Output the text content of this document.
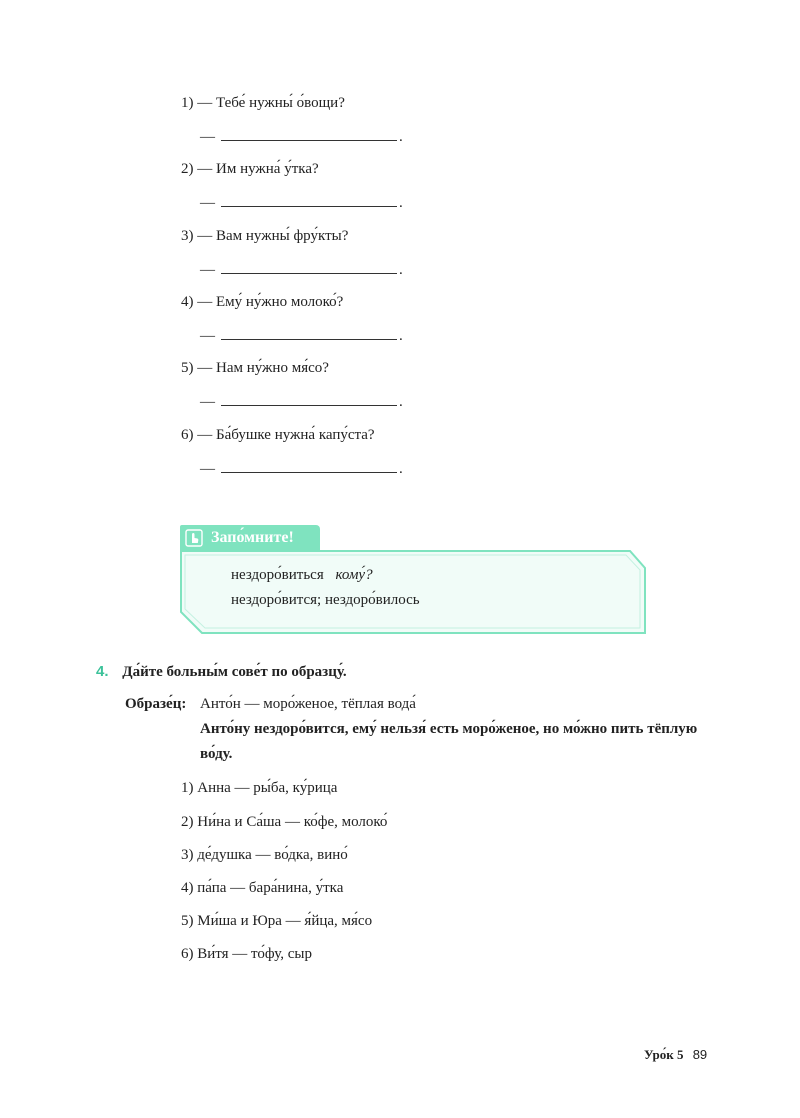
1) — Тебе́ нужны́ о́вощи?
—	.
2) — Им нужна́ у́тка?
—	.
3) — Вам нужны́ фру́кты?
—	.
4) — Ему́ ну́жно молоко́?
—	.
5) — Нам ну́жно мя́со?
—	.
6) — Ба́бушке нужна́ капу́ста?
—	.
Запо́мните!
нездоро́виться кому́?
нездоро́вится; нездоро́вилось
4. Да́йте больны́м сове́т по образцу́.
Образе́ц: Анто́н — моро́женое, тёплая вода́
Анто́ну нездоро́вится, ему́ нельзя́ есть моро́женое, но мо́жно пить тёплую
во́ду.
1) Анна — ры́ба, ку́рица
2) Ни́на и Са́ша — ко́фе, молоко́
3) де́душка — во́дка, вино́
4) па́па — бара́нина, у́тка
5) Ми́ша и Юра — я́йца, мя́со
6) Ви́тя — то́фу, сыр
Уро́к 5 89
